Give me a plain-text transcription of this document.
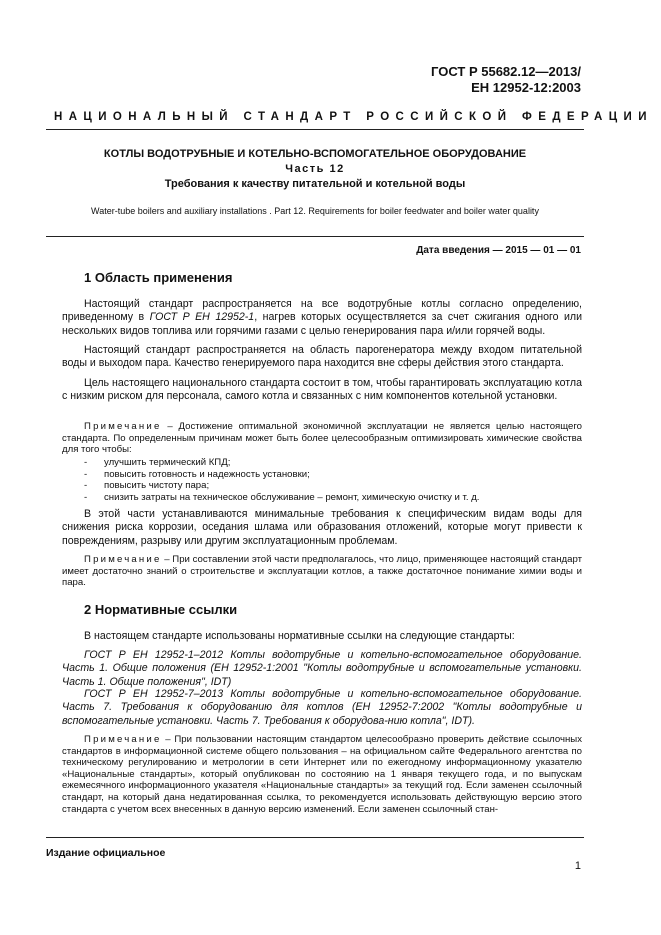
ГОСТ Р 55682.12—2013/
ЕН 12952-12:2003
НАЦИОНАЛЬНЫЙ СТАНДАРТ РОССИЙСКОЙ ФЕДЕРАЦИИ
КОТЛЫ ВОДОТРУБНЫЕ И КОТЕЛЬНО-ВСПОМОГАТЕЛЬНОЕ ОБОРУДОВАНИЕ
Часть 12
Требования к качеству питательной и котельной воды
Water-tube boilers and auxiliary installations . Part 12. Requirements for boiler feedwater and boiler water quality
Дата введения — 2015 — 01 — 01
1 Область применения

Настоящий стандарт распространяется на все водотрубные котлы согласно определению, приведенному в ГОСТ Р ЕН 12952-1, нагрев которых осуществляется за счет сжигания одного или нескольких видов топлива или горячими газами с целью генерирования пара и/или горячей воды.

Настоящий стандарт распространяется на область парогенератора между входом питательной воды и выходом пара. Качество генерируемого пара находится вне сферы действия этого стандарта.

Цель настоящего национального стандарта состоит в том, чтобы гарантировать эксплуатацию котла с низким риском для персонала, самого котла и связанных с ним компонентов котельной установки.

Примечание – Достижение оптимальной экономичной эксплуатации не является целью настоящего стандарта. По определенным причинам может быть более целесообразным оптимизировать химические свойства для того чтобы:

- улучшить термический КПД;
- повысить готовность и надежность установки;
- повысить чистоту пара;
- снизить затраты на техническое обслуживание – ремонт, химическую очистку и т. д.

В этой части устанавливаются минимальные требования к специфическим видам воды для снижения риска коррозии, оседания шлама или образования отложений, которые могут привести к повреждениям, разрыву или другим эксплуатационным проблемам.

Примечание – При составлении этой части предполагалось, что лицо, применяющее настоящий стандарт имеет достаточно знаний о строительстве и эксплуатации котлов, а также достаточное понимание химии воды и пара.

2 Нормативные ссылки

В настоящем стандарте использованы нормативные ссылки на следующие стандарты:

ГОСТ Р ЕН 12952-1–2012 Котлы водотрубные и котельно-вспомогательное оборудование. Часть 1. Общие положения (ЕН 12952-1:2001 "Котлы водотрубные и вспомогательные установки. Часть 1. Общие положения", IDT)

ГОСТ Р ЕН 12952-7–2013 Котлы водотрубные и котельно-вспомогательное оборудование. Часть 7. Требования к оборудованию для котлов (ЕН 12952-7:2002 "Котлы водотрубные и вспомогательные установки. Часть 7. Требования к оборудова-нию котла", IDT).

Примечание – При пользовании настоящим стандартом целесообразно проверить действие ссылочных стандартов в информационной системе общего пользования – на официальном сайте Федерального агентства по техническому регулированию и метрологии в сети Интернет или по ежегодному информационному указателю «Национальные стандарты», который опубликован по состоянию на 1 января текущего года, и по выпускам ежемесячного информационного указателя «Национальные стандарты» за текущий год. Если заменен ссылочный стандарт, на который дана недатированная ссылка, то рекомендуется использовать действующую версию этого стандарта с учетом всех внесенных в данную версию изменений. Если заменен ссылочный стан-

Издание официальное
1
